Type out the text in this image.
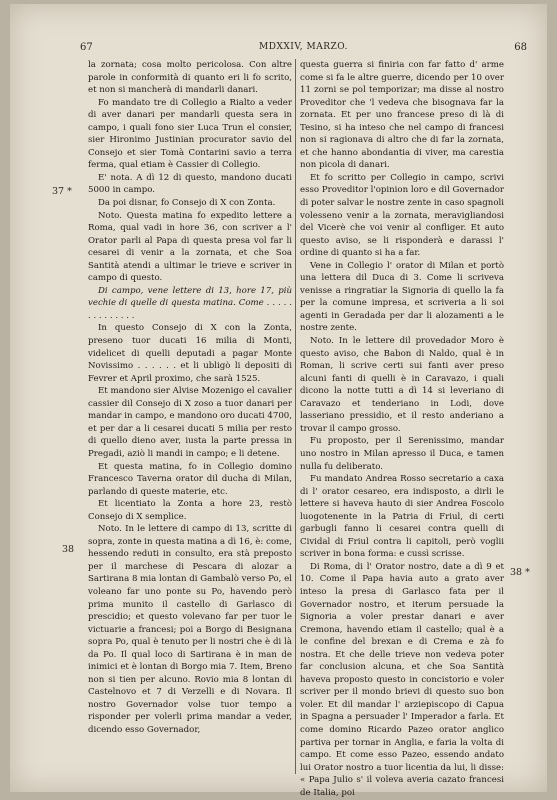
67	MDXXIV, MARZO.	68
37 *
38
38 *

la zornata; cosa molto pericolosa. Con altre parole in conformità di quanto eri li fo scrito, et non si mancherà di mandarli danari.

Fo mandato tre di Collegio a Rialto a veder di aver danari per mandarli questa sera in campo, i quali fono sier Luca Trun el consier, sier Hironimo Justinian procurator savio del Consejo et sier Tomà Contarini savio a terra ferma, qual etiam è Cassier di Collegio.

E' nota. A dì 12 di questo, mandono ducati 5000 in campo.

Da poi disnar, fo Consejo di X con Zonta.

Noto. Questa matina fo expedito lettere a Roma, qual vadi in hore 36, con scriver a l' Orator parli al Papa di questa presa vol far li cesarei di venir a la zornata, et che Soa Santità atendi a ultimar le trieve e scriver in campo di questo.

Di campo, vene lettere di 13, hore 17, più vechie di quelle di questa matina. Come . . . . . . . . . . . . . .

In questo Consejo di X con la Zonta, preseno tuor ducati 16 milia di Monti, videlicet di quelli deputadi a pagar Monte Novissimo . . . . . . et li ubligò li depositi di Fevrer et April proximo, che sarà 1525.

Et mandono sier Alvise Mozenigo el cavalier cassier dil Consejo di X zoso a tuor danari per mandar in campo, e mandono oro ducati 4700, et per dar a li cesarei ducati 5 milia per resto di quello dieno aver, iusta la parte pressa in Pregadi, aziò li mandi in campo; e li detene.

Et questa matina, fo in Collegio domino Francesco Taverna orator dil ducha di Milan, parlando di queste materie, etc.

Et licentiato la Zonta a hore 23, restò Consejo di X semplice.

Noto. In le lettere di campo di 13, scritte di sopra, zonte in questa matina a dì 16, è: come, hessendo reduti in consulto, era stà preposto per il marchese di Pescara di alozar a Sartirana 8 mia lontan di Gambalò verso Po, el voleano far uno ponte su Po, havendo però prima munito il castello di Garlasco di prescidio; et questo volevano far per tuor le victuarie a francesi; poi a Borgo di Besignana sopra Po, qual è tenuto per li nostri che è di là da Po. Il qual loco di Sartirana è in man de inimici et è lontan di Borgo mia 7. Item, Breno non si tien per alcuno. Rovio mia 8 lontan di Castelnovo et 7 di Verzelli e di Novara. Il nostro Governador volse tuor tempo a risponder per volerli prima mandar a veder, dicendo esso Governador,

questa guerra si finiria con far fatto d' arme come si fa le altre guerre, dicendo per 10 over 11 zorni se pol temporizar; ma disse al nostro Proveditor che 'l vedeva che bisognava far la zornata. Et per uno francese preso di là di Tesino, si ha inteso che nel campo di francesi non si ragionava di altro che di far la zornata, et che hanno abondantia di viver, ma carestia non picola di danari.

Et fo scritto per Collegio in campo, scrivi esso Proveditor l'opinion loro e dil Governador di poter salvar le nostre zente in caso spagnoli volesseno venir a la zornata, meravigliandosi del Vicerè che voi venir al confliger. Et auto questo aviso, se li risponderà e darassi l' ordine di quanto si ha a far.

Vene in Collegio l' orator di Milan et portò una lettera dil Duca di 3. Come li scriveva venisse a ringratiar la Signoria di quello la fa per la comune impresa, et scriveria a li soi agenti in Geradada per dar li alozamenti a le nostre zente.

Noto. In le lettere dil provedador Moro è questo aviso, che Babon di Naldo, qual è in Roman, li scrive certi sui fanti aver preso alcuni fanti di quelli è in Caravazo, i quali dicono la notte tutti a dì 14 si leveriano di Caravazo et tenderiano in Lodi, dove lasseriano pressidio, et il resto anderiano a trovar il campo grosso.

Fu proposto, per il Serenissimo, mandar uno nostro in Milan apresso il Duca, e tamen nulla fu deliberato.

Fu mandato Andrea Rosso secretario a caxa di l' orator cesareo, era indisposto, a dirli le lettere si haveva hauto di sier Andrea Foscolo luogotenente in la Patria di Friul, di certi garbugli fanno li cesarei contra quelli di Cividal di Friul contra li capitoli, però voglii scriver in bona forma: e cussì scrisse.

Di Roma, di l' Orator nostro, date a dì 9 et 10. Come il Papa havia auto a grato aver inteso la presa di Garlasco fata per il Governador nostro, et iterum persuade la Signoria a voler prestar danari e aver Cremona, havendo etiam il castello; qual è a le confine del brexan e di Crema e zà fo nostra. Et che delle trieve non vedeva poter far conclusion alcuna, et che Soa Santità haveva proposto questo in concistorio e voler scriver per il mondo brievi di questo suo bon voler. Et dil mandar l' arziepiscopo di Capua in Spagna a persuader l' Imperador a farla. Et come domino Ricardo Pazeo orator anglico partiva per tornar in Anglia, e faria la volta di campo. Et come esso Pazeo, essendo andato lui Orator nostro a tuor licentia da lui, li disse: « Papa Julio s' il volevа averia cazato francesi de Italia, poi
